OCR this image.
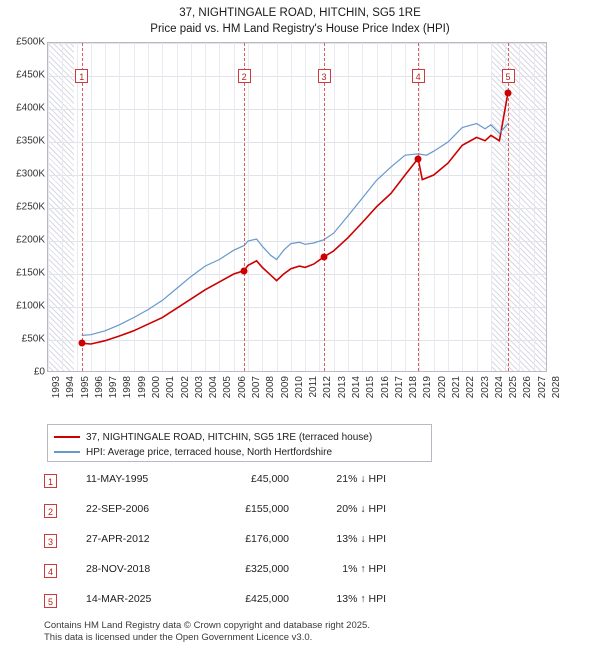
37, NIGHTINGALE ROAD, HITCHIN, SG5 1RE
Price paid vs. HM Land Registry's House Price Index (HPI)
£0
£50K
£100K
£150K
£200K
£250K
£300K
£350K
£400K
£450K
£500K
1993 1994 1995 1996 1997 1998 1999 2000 2001 2002 2003 2004 2005 2006 2007 2008 2009 2010 2011 2012 2013 2014 2015 2016 2017 2018 2019 2020 2021 2022 2023 2024 2025 2026 2027 2028
1	2	3	4	5
37, NIGHTINGALE ROAD, HITCHIN, SG5 1RE (terraced house)
HPI: Average price, terraced house, North Hertfordshire
1	11-MAY-1995	£45,000	21% ↓ HPI
2	22-SEP-2006	£155,000	20% ↓ HPI
3	27-APR-2012	£176,000	13% ↓ HPI
4	28-NOV-2018	£325,000	1% ↑ HPI
5	14-MAR-2025	£425,000	13% ↑ HPI
Contains HM Land Registry data © Crown copyright and database right 2025.
This data is licensed under the Open Government Licence v3.0.
